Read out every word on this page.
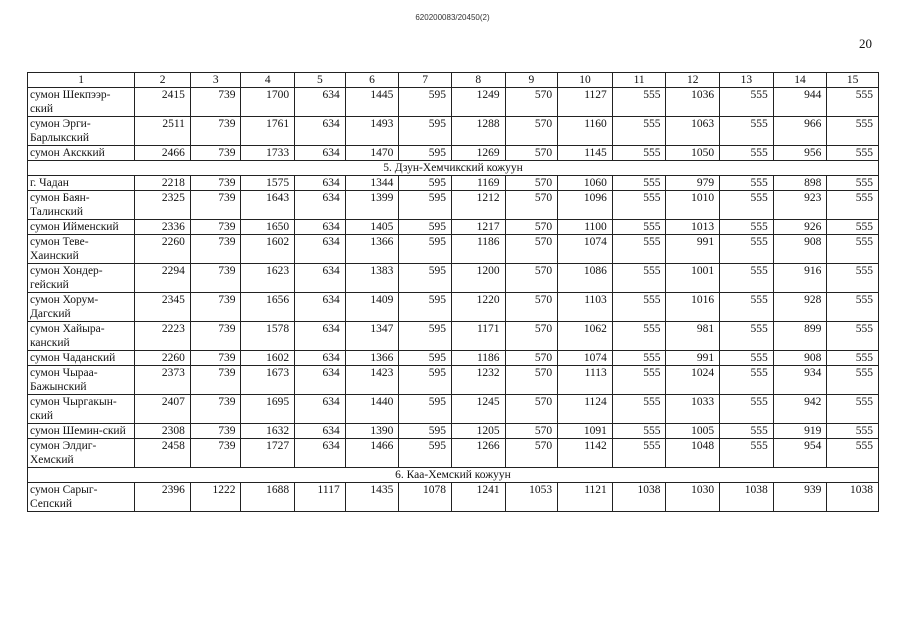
620200083/20450(2)
20
1	2	3	4	5	6	7	8	9	10	11	12	13	14	15
сумон Шекпээр-ский	2415	739	1700	634	1445	595	1249	570	1127	555	1036	555	944	555
сумон Эрги-Барлыкский	2511	739	1761	634	1493	595	1288	570	1160	555	1063	555	966	555
сумон Аксккий	2466	739	1733	634	1470	595	1269	570	1145	555	1050	555	956	555
5. Дзун-Хемчикский кожуун														
г. Чадан	2218	739	1575	634	1344	595	1169	570	1060	555	979	555	898	555
сумон Баян-Талинский	2325	739	1643	634	1399	595	1212	570	1096	555	1010	555	923	555
сумон Ийменский	2336	739	1650	634	1405	595	1217	570	1100	555	1013	555	926	555
сумон Теве-Хаинский	2260	739	1602	634	1366	595	1186	570	1074	555	991	555	908	555
сумон Хондер-гейский	2294	739	1623	634	1383	595	1200	570	1086	555	1001	555	916	555
сумон Хорум-Дагский	2345	739	1656	634	1409	595	1220	570	1103	555	1016	555	928	555
сумон Хайыра-канский	2223	739	1578	634	1347	595	1171	570	1062	555	981	555	899	555
сумон Чаданский	2260	739	1602	634	1366	595	1186	570	1074	555	991	555	908	555
сумон Чыраа-Бажынский	2373	739	1673	634	1423	595	1232	570	1113	555	1024	555	934	555
сумон Чыргакын-ский	2407	739	1695	634	1440	595	1245	570	1124	555	1033	555	942	555
сумон Шемин-ский	2308	739	1632	634	1390	595	1205	570	1091	555	1005	555	919	555
сумон Элдиг-Хемский	2458	739	1727	634	1466	595	1266	570	1142	555	1048	555	954	555
6. Каа-Хемский кожуун														
сумон Сарыг-Сепский	2396	1222	1688	1117	1435	1078	1241	1053	1121	1038	1030	1038	939	1038
